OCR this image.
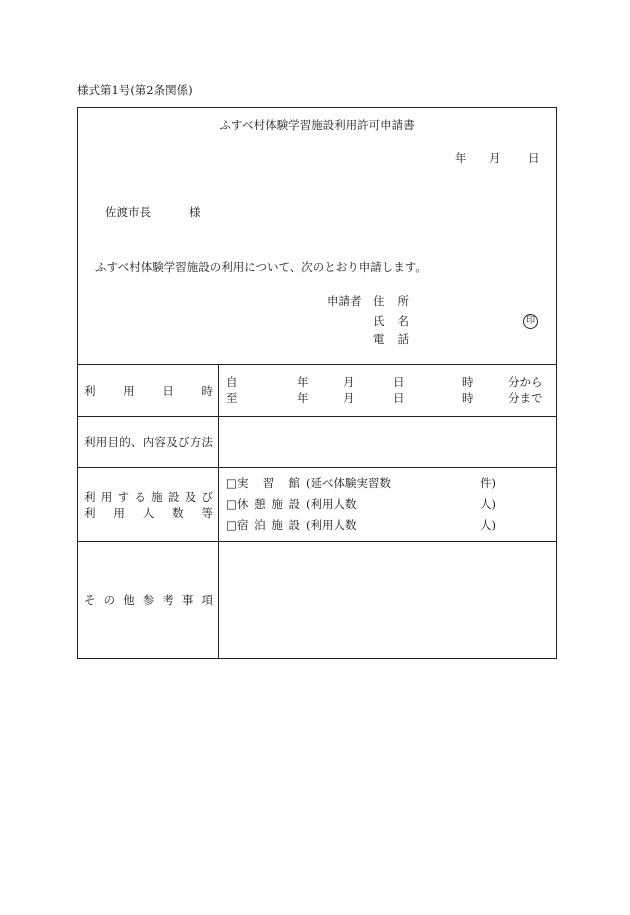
様式第1号(第2条関係)
ふすべ村体験学習施設利用許可申請書
年 月 日
佐渡市長	様
ふすべ村体験学習施設の利用について、次のとおり申請します。
申請者 住 所
氏 名	印
電 話
利 用 日 時
自	年	月	日	時	分から
至	年	月	日	時	分まで
利 用 目 的 、 内 容 及 び 方 法
利 用 す る 施 設 及 び
利 用 人 数 等
□ 実 習 館 (延べ体験実習数	件)
□ 休 憩 施 設 (利用人数	人)
□ 宿 泊 施 設 (利用人数	人)
そ の 他 参 考 事 項
